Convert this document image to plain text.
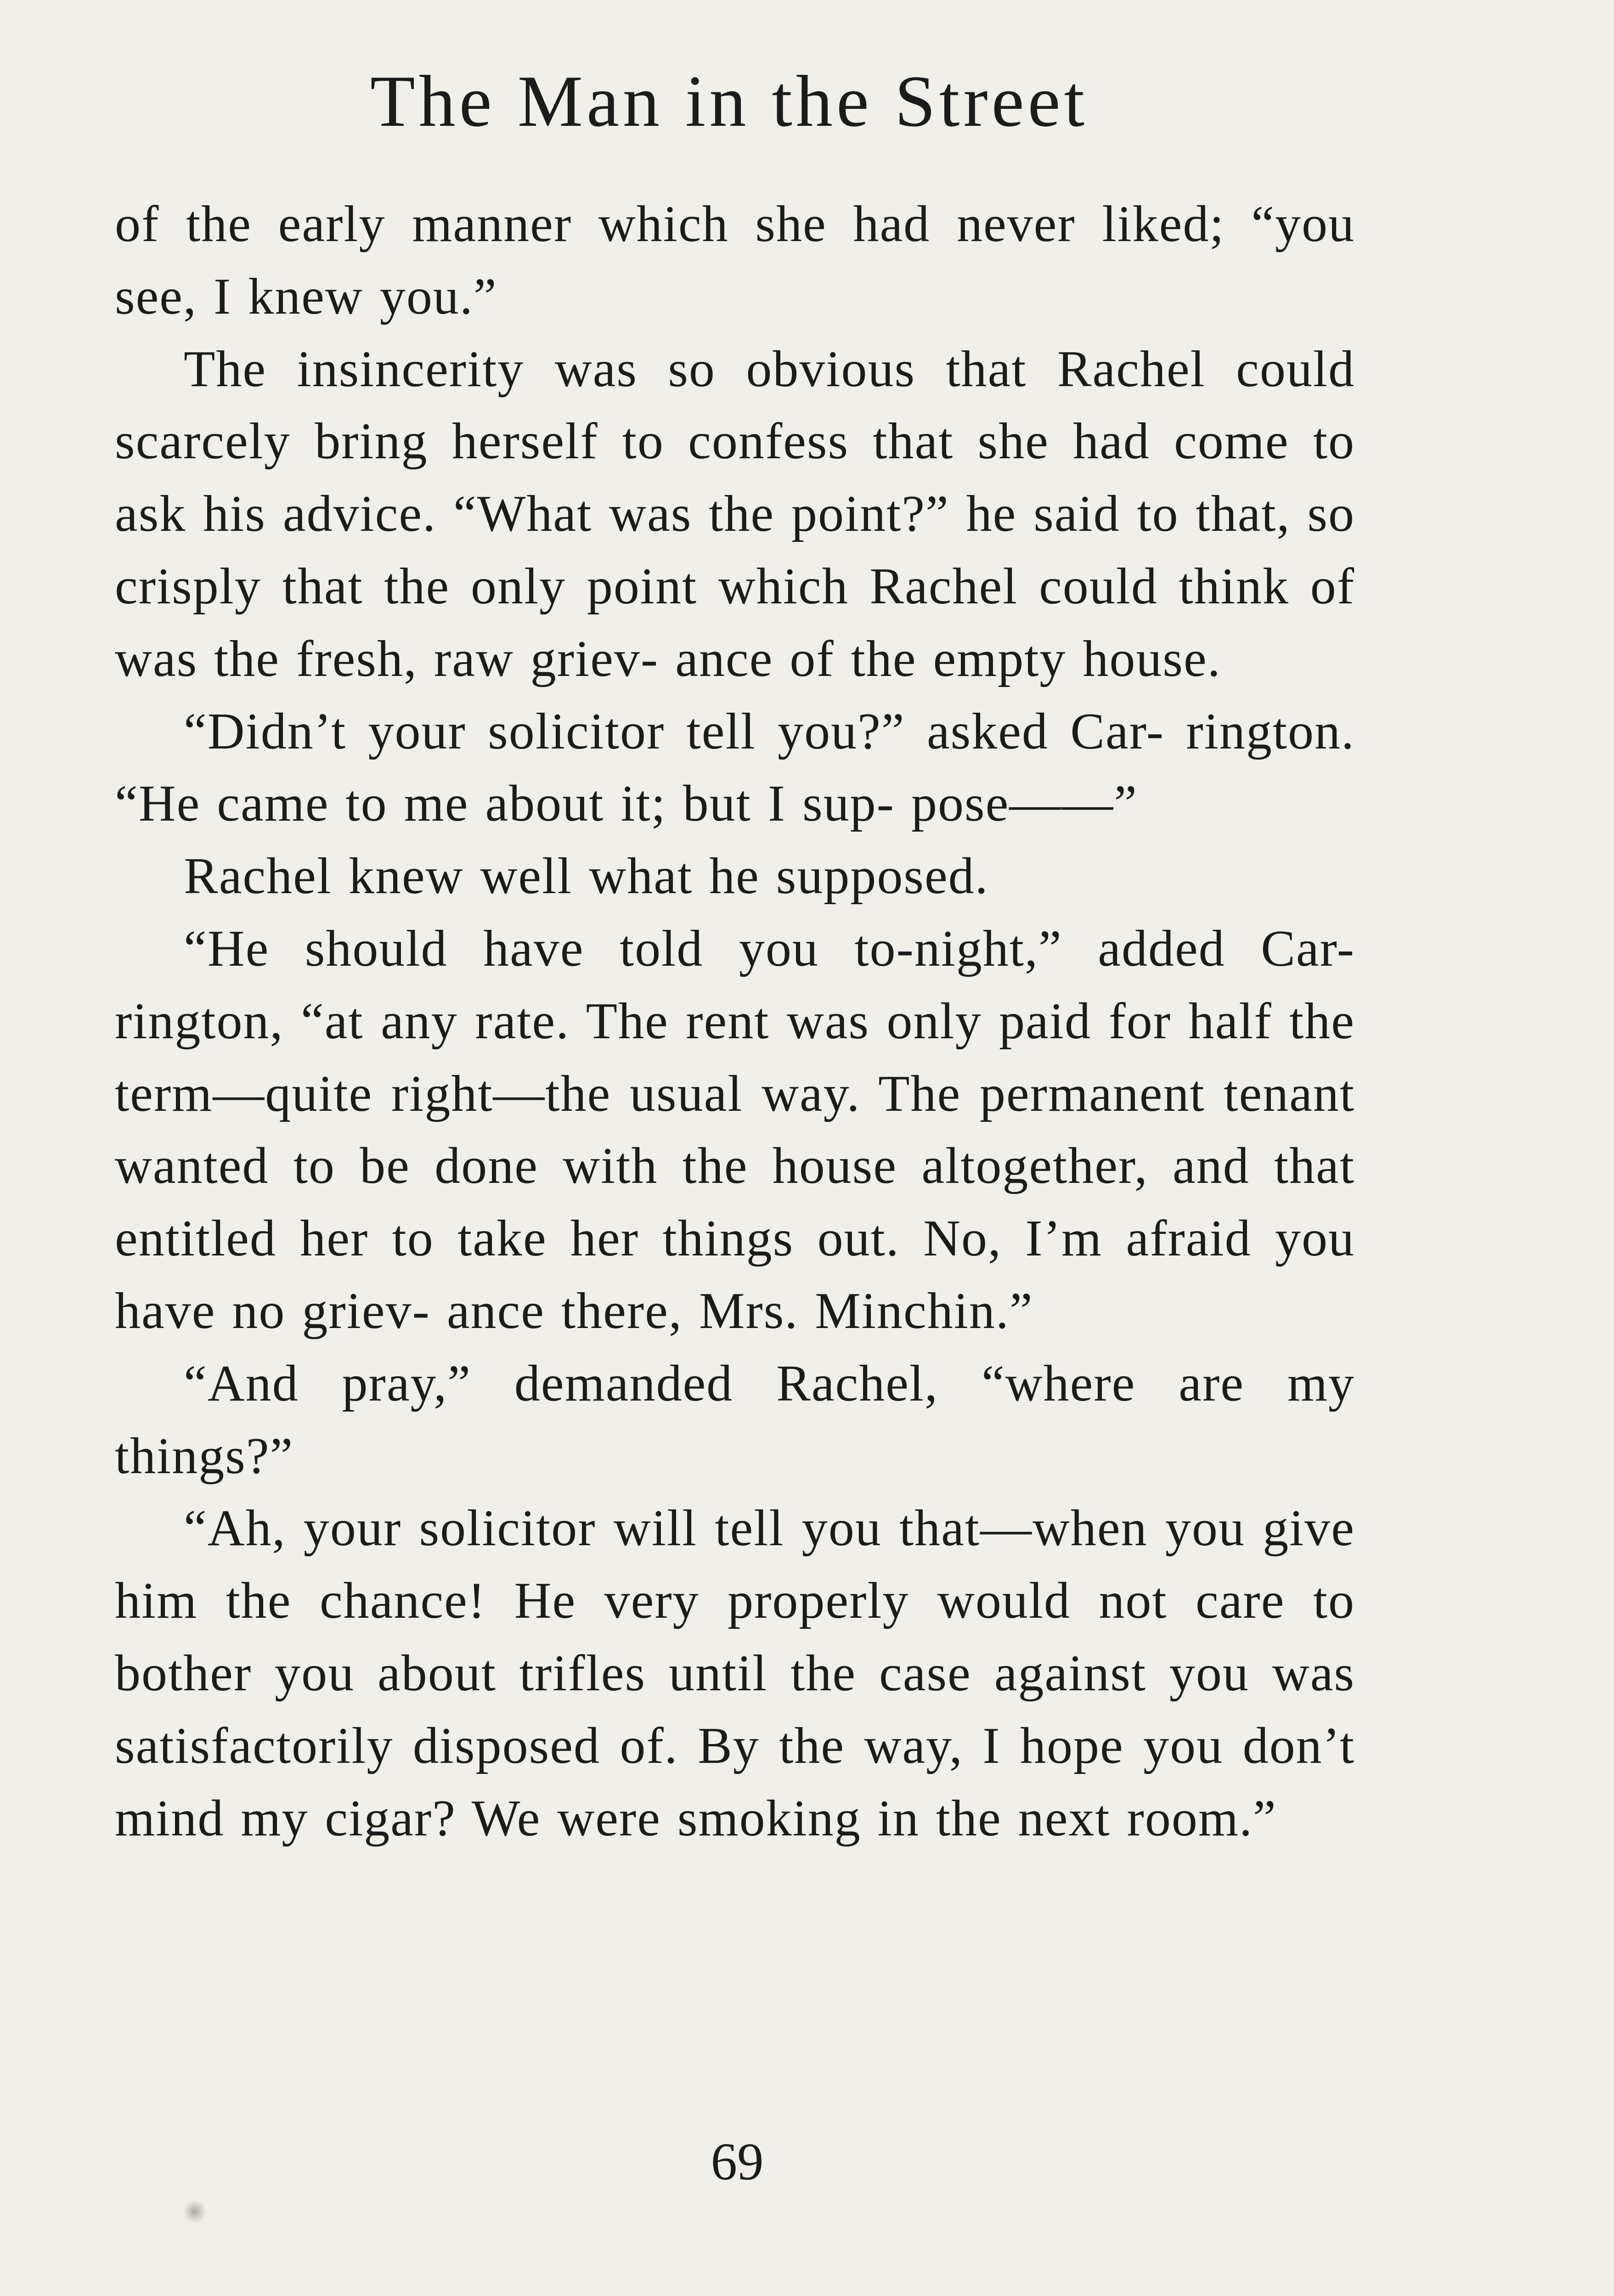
The Man in the Street

of the early manner which she had never liked; “you see, I knew you.”

The insincerity was so obvious that Rachel could scarcely bring herself to confess that she had come to ask his advice. “What was the point?” he said to that, so crisply that the only point which Rachel could think of was the fresh, raw griev- ance of the empty house.

“Didn’t your solicitor tell you?” asked Car- rington. “He came to me about it; but I sup- pose——”

Rachel knew well what he supposed.

“He should have told you to-night,” added Car- rington, “at any rate. The rent was only paid for half the term—quite right—the usual way. The permanent tenant wanted to be done with the house altogether, and that entitled her to take her things out. No, I’m afraid you have no griev- ance there, Mrs. Minchin.”

“And pray,” demanded Rachel, “where are my things?”

“Ah, your solicitor will tell you that—when you give him the chance! He very properly would not care to bother you about trifles until the case against you was satisfactorily disposed of. By the way, I hope you don’t mind my cigar? We were smoking in the next room.”

69
